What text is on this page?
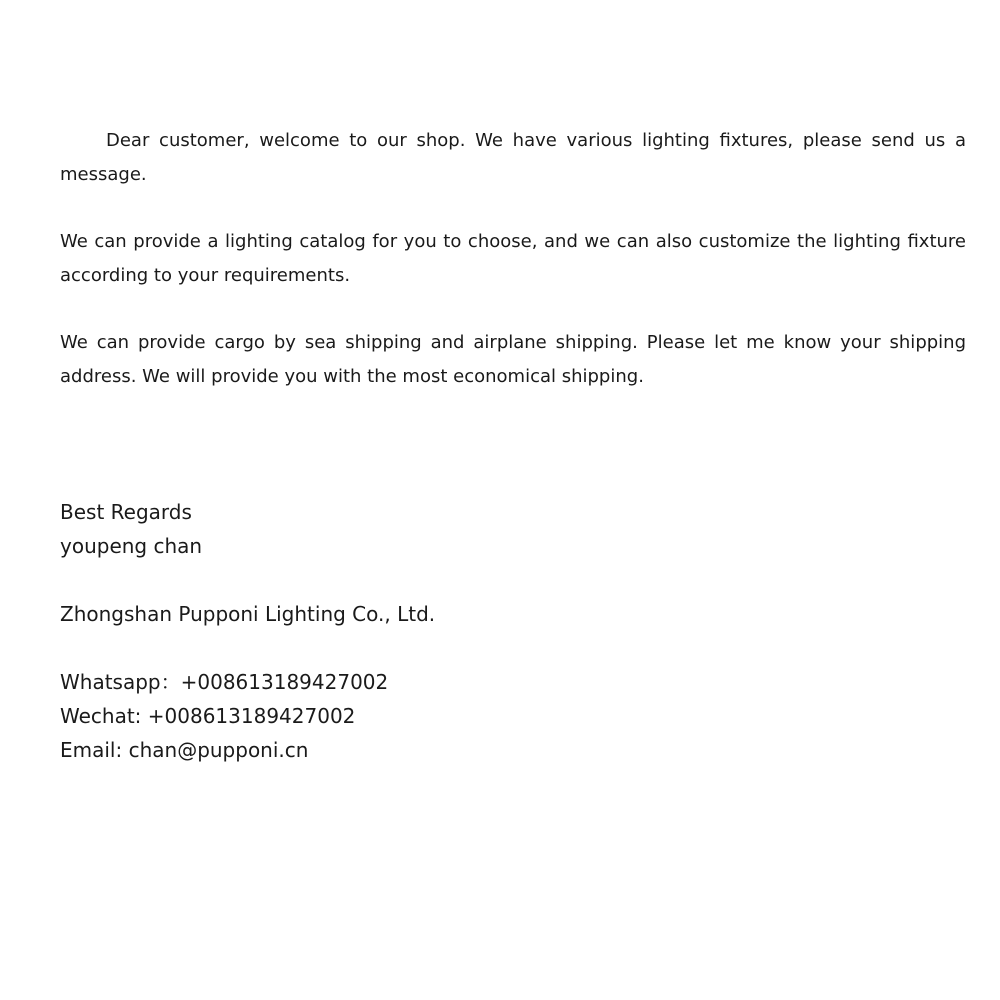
Dear customer, welcome to our shop. We have various lighting fixtures, please send us a message.

We can provide a lighting catalog for you to choose, and we can also customize the lighting fixture according to your requirements.

We can provide cargo by sea shipping and airplane shipping. Please let me know your shipping address. We will provide you with the most economical shipping.

Best Regards

youpeng chan

Zhongshan Pupponi Lighting Co., Ltd.

Whatsapp：+008613189427002

Wechat: +008613189427002

Email: chan@pupponi.cn
